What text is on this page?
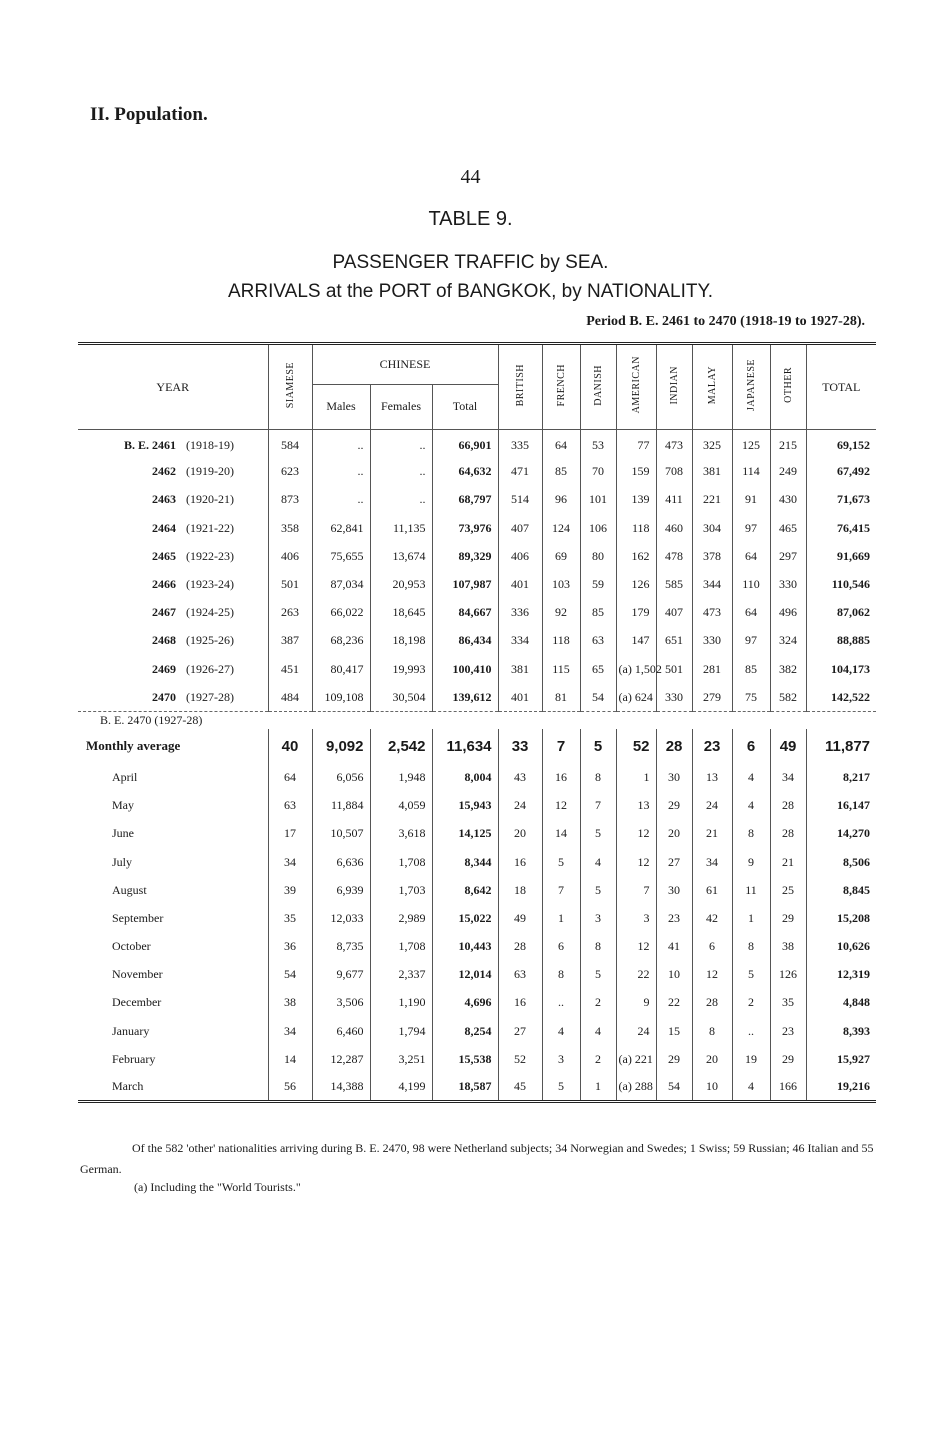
II. Population.
44
TABLE 9.
PASSENGER TRAFFIC by SEA.
ARRIVALS at the PORT of BANGKOK, by NATIONALITY.
Period B. E. 2461 to 2470 (1918-19 to 1927-28).
YEAR	SIAMESE	CHINESE			BRITISH	FRENCH	DANISH	AMERICAN	INDIAN	MALAY	JAPANESE	OTHER	TOTAL
		Males	Females	Total									
B. E. 2461 (1918-19)	584	..	..	66,901	335	64	53	77	473	325	125	215	69,152
2462 (1919-20)	623	..	..	64,632	471	85	70	159	708	381	114	249	67,492
2463 (1920-21)	873	..	..	68,797	514	96	101	139	411	221	91	430	71,673
2464 (1921-22)	358	62,841	11,135	73,976	407	124	106	118	460	304	97	465	76,415
2465 (1922-23)	406	75,655	13,674	89,329	406	69	80	162	478	378	64	297	91,669
2466 (1923-24)	501	87,034	20,953	107,987	401	103	59	126	585	344	110	330	110,546
2467 (1924-25)	263	66,022	18,645	84,667	336	92	85	179	407	473	64	496	87,062
2468 (1925-26)	387	68,236	18,198	86,434	334	118	63	147	651	330	97	324	88,885
2469 (1926-27)	451	80,417	19,993	100,410	381	115	65	(a) 1,502	501	281	85	382	104,173
2470 (1927-28)	484	109,108	30,504	139,612	401	81	54	(a) 624	330	279	75	582	142,522
B. E. 2470 (1927-28)													
Monthly average	40	9,092	2,542	11,634	33	7	5	52	28	23	6	49	11,877
April	64	6,056	1,948	8,004	43	16	8	1	30	13	4	34	8,217
May	63	11,884	4,059	15,943	24	12	7	13	29	24	4	28	16,147
June	17	10,507	3,618	14,125	20	14	5	12	20	21	8	28	14,270
July	34	6,636	1,708	8,344	16	5	4	12	27	34	9	21	8,506
August	39	6,939	1,703	8,642	18	7	5	7	30	61	11	25	8,845
September	35	12,033	2,989	15,022	49	1	3	3	23	42	1	29	15,208
October	36	8,735	1,708	10,443	28	6	8	12	41	6	8	38	10,626
November	54	9,677	2,337	12,014	63	8	5	22	10	12	5	126	12,319
December	38	3,506	1,190	4,696	16	..	2	9	22	28	2	35	4,848
January	34	6,460	1,794	8,254	27	4	4	24	15	8	..	23	8,393
February	14	12,287	3,251	15,538	52	3	2	(a) 221	29	20	19	29	15,927
March	56	14,388	4,199	18,587	45	5	1	(a) 288	54	10	4	166	19,216
Of the 582 'other' nationalities arriving during B. E. 2470, 98 were Netherland subjects; 34 Norwegian and Swedes; 1 Swiss; 59 Russian; 46 Italian and 55 German.
(a) Including the "World Tourists."
